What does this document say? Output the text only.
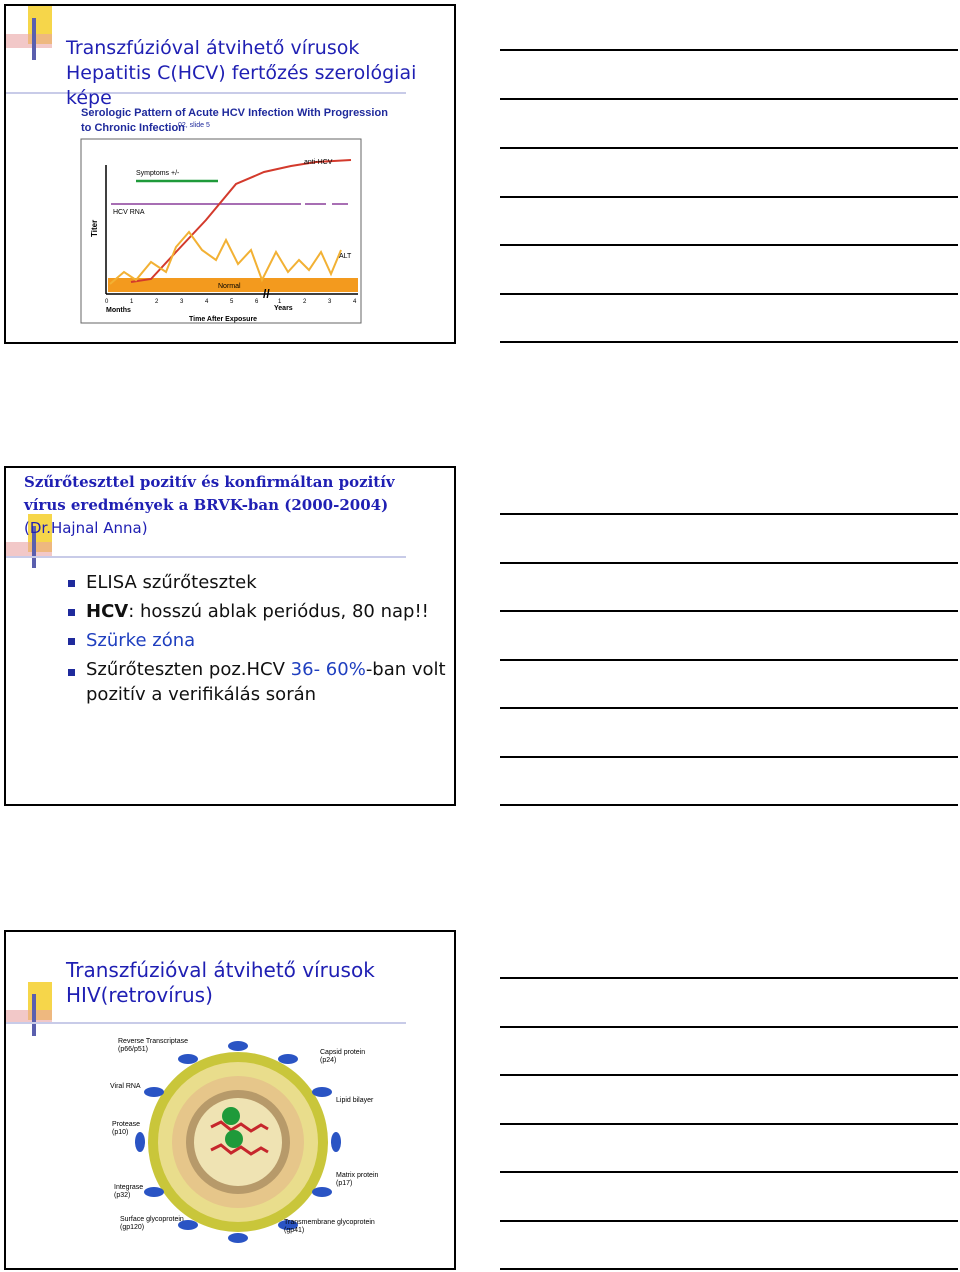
Transzfúzióval átvihető vírusok
Hepatitis C(HCV) fertőzés szerológiai képe
Serologic Pattern of Acute HCV Infection With Progression
to Chronic Infection
02, slide 5
Titer
Normal
Symptoms +/-
HCV RNA
anti-HCV
ALT
//
0	1	2	3	4	5	6	1	2	3	4
Months	Years
Time After Exposure
Szűrőteszttel pozitív és konfirmáltan pozitív
vírus eredmények a BRVK-ban (2000-2004)
(Dr.Hajnal Anna)
ELISA szűrőtesztek
HCV: hosszú ablak periódus, 80 nap!!
Szürke zóna
Szűrőteszten poz.HCV 36- 60%-ban volt
pozitív a verifikálás során
Transzfúzióval átvihető vírusok
HIV(retrovírus)
Reverse Transcriptase
(p66/p51)
Viral RNA
Protease
(p10)
Integrase
(p32)
Surface glycoprotein
(gp120)
Capsid protein
(p24)
Lipid bilayer
Matrix protein
(p17)
Transmembrane glycoprotein
(gp41)
